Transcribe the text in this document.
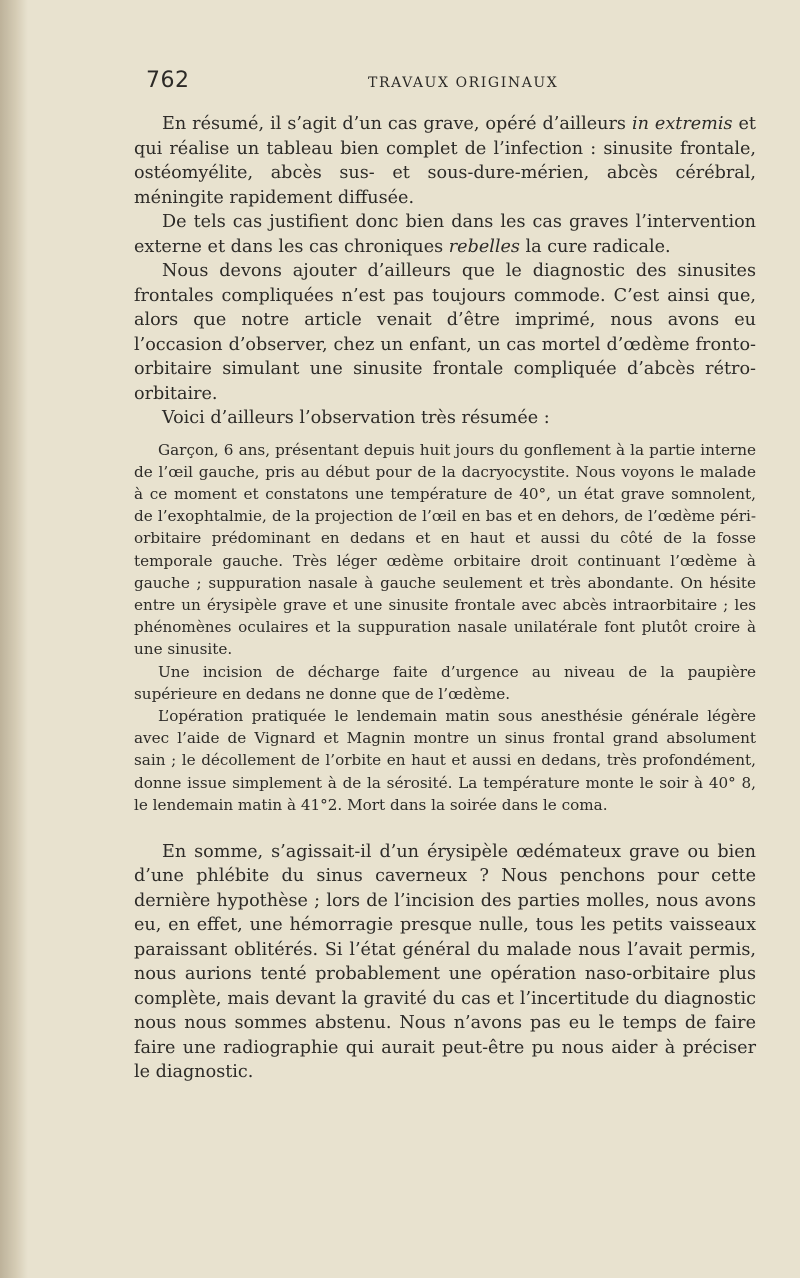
762	TRAVAUX ORIGINAUX

En résumé, il s’agit d’un cas grave, opéré d’ailleurs in extremis et qui réalise un tableau bien complet de l’infection : sinusite frontale, ostéomyélite, abcès sus- et sous-dure-mérien, abcès cérébral, méningite rapidement diffusée.

De tels cas justifient donc bien dans les cas graves l’intervention externe et dans les cas chroniques rebelles la cure radicale.

Nous devons ajouter d’ailleurs que le diagnostic des sinusites frontales compliquées n’est pas toujours commode. C’est ainsi que, alors que notre article venait d’être imprimé, nous avons eu l’occasion d’observer, chez un enfant, un cas mortel d’œdème fronto-orbitaire simulant une sinusite frontale compliquée d’abcès rétro-orbitaire.

Voici d’ailleurs l’observation très résumée :

Garçon, 6 ans, présentant depuis huit jours du gonflement à la partie interne de l’œil gauche, pris au début pour de la dacryocystite. Nous voyons le malade à ce moment et constatons une température de 40°, un état grave somnolent, de l’exophtalmie, de la projection de l’œil en bas et en dehors, de l’œdème péri-orbitaire prédominant en dedans et en haut et aussi du côté de la fosse temporale gauche. Très léger œdème orbitaire droit continuant l’œdème à gauche ; suppuration nasale à gauche seulement et très abondante. On hésite entre un érysipèle grave et une sinusite frontale avec abcès intraorbitaire ; les phénomènes oculaires et la suppuration nasale unilatérale font plutôt croire à une sinusite.

Une incision de décharge faite d’urgence au niveau de la paupière supérieure en dedans ne donne que de l’œdème.

L’opération pratiquée le lendemain matin sous anesthésie générale légère avec l’aide de Vignard et Magnin montre un sinus frontal grand absolument sain ; le décollement de l’orbite en haut et aussi en dedans, très profondément, donne issue simplement à de la sérosité. La température monte le soir à 40° 8, le lendemain matin à 41°2. Mort dans la soirée dans le coma.

En somme, s’agissait-il d’un érysipèle œdémateux grave ou bien d’une phlébite du sinus caverneux ? Nous penchons pour cette dernière hypothèse ; lors de l’incision des parties molles, nous avons eu, en effet, une hémorragie presque nulle, tous les petits vaisseaux paraissant oblitérés. Si l’état général du malade nous l’avait permis, nous aurions tenté probablement une opération naso-orbitaire plus complète, mais devant la gravité du cas et l’incertitude du diagnostic nous nous sommes abstenu. Nous n’avons pas eu le temps de faire faire une radiographie qui aurait peut-être pu nous aider à préciser le diagnostic.
